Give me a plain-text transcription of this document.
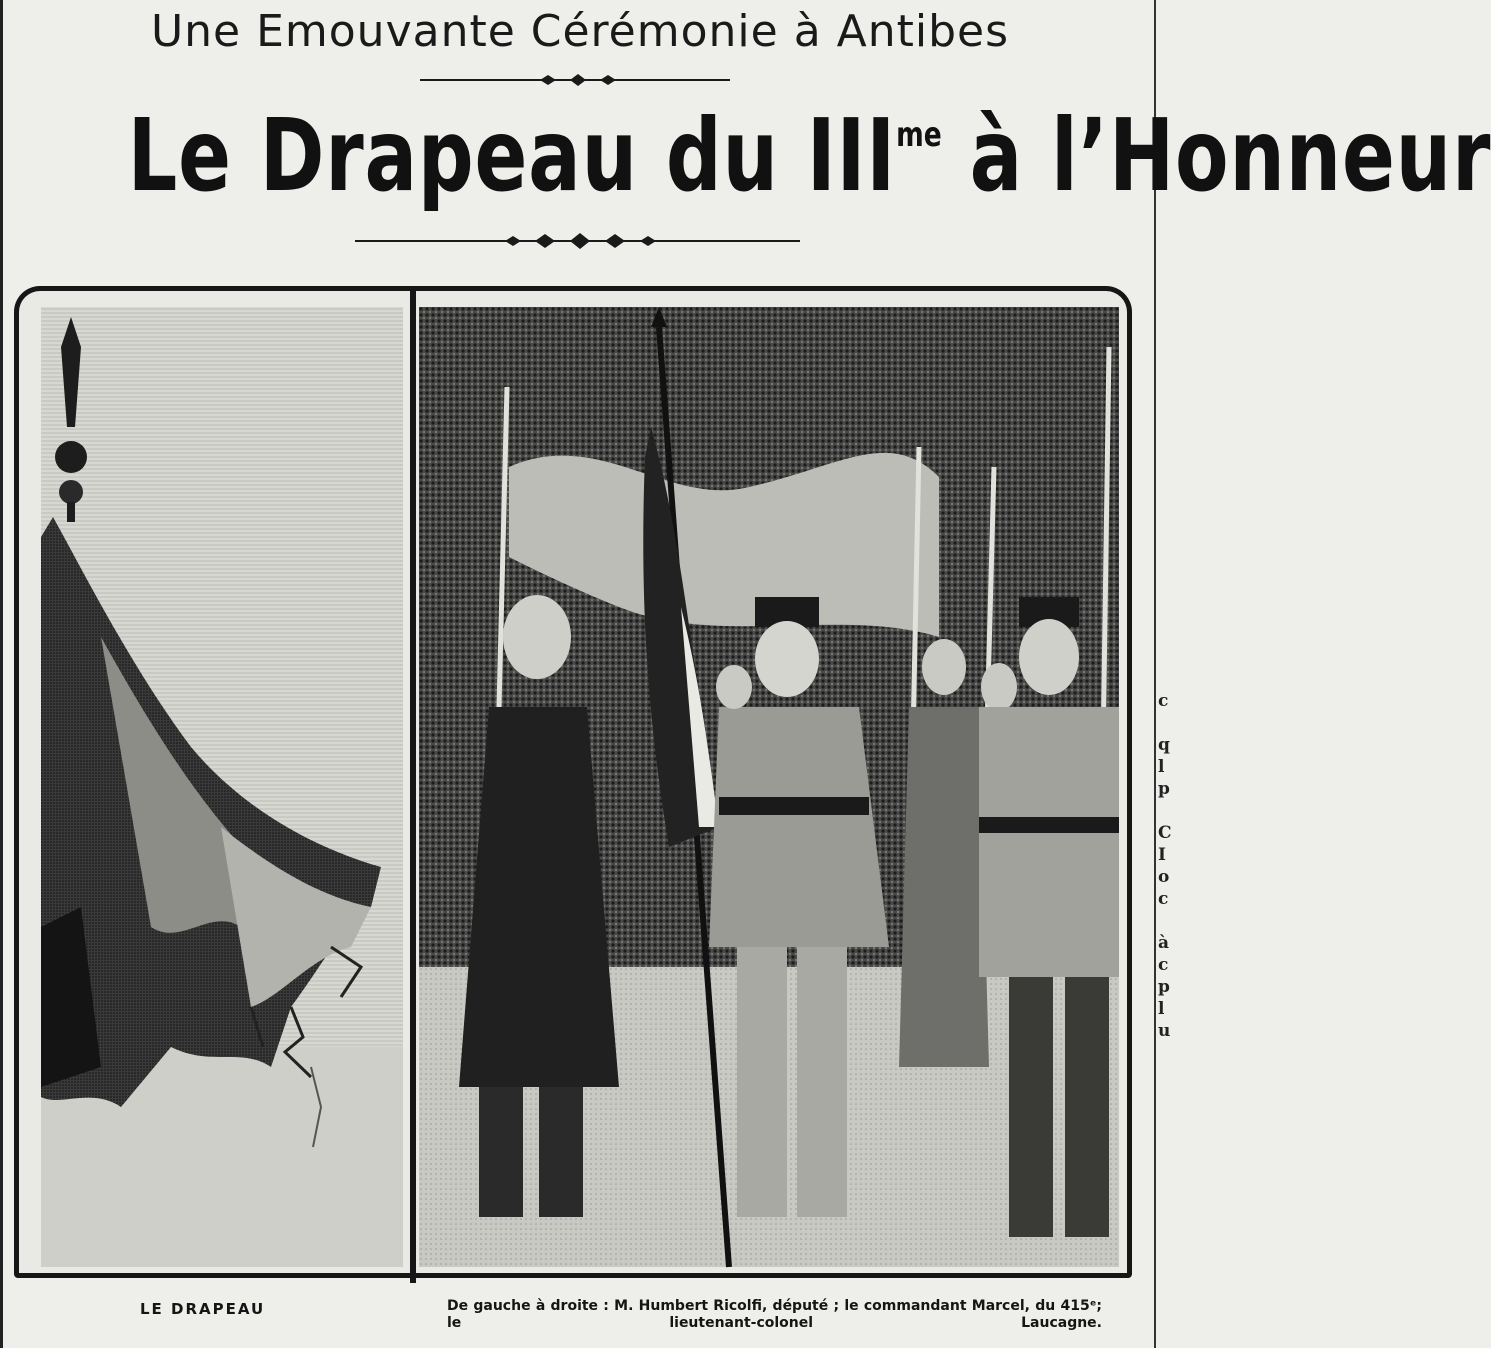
Une Emouvante Cérémonie à Antibes
Le Drapeau du $III^{me}$ à l’Honneur
LE DRAPEAU	De gauche à droite : M. Humbert Ricolfi, député ; le commandant Marcel, du 415ᵉ; le lieutenant-colonel Laucagne.
c

q
l
p

C
I
o
c

à
c
p
l
u
